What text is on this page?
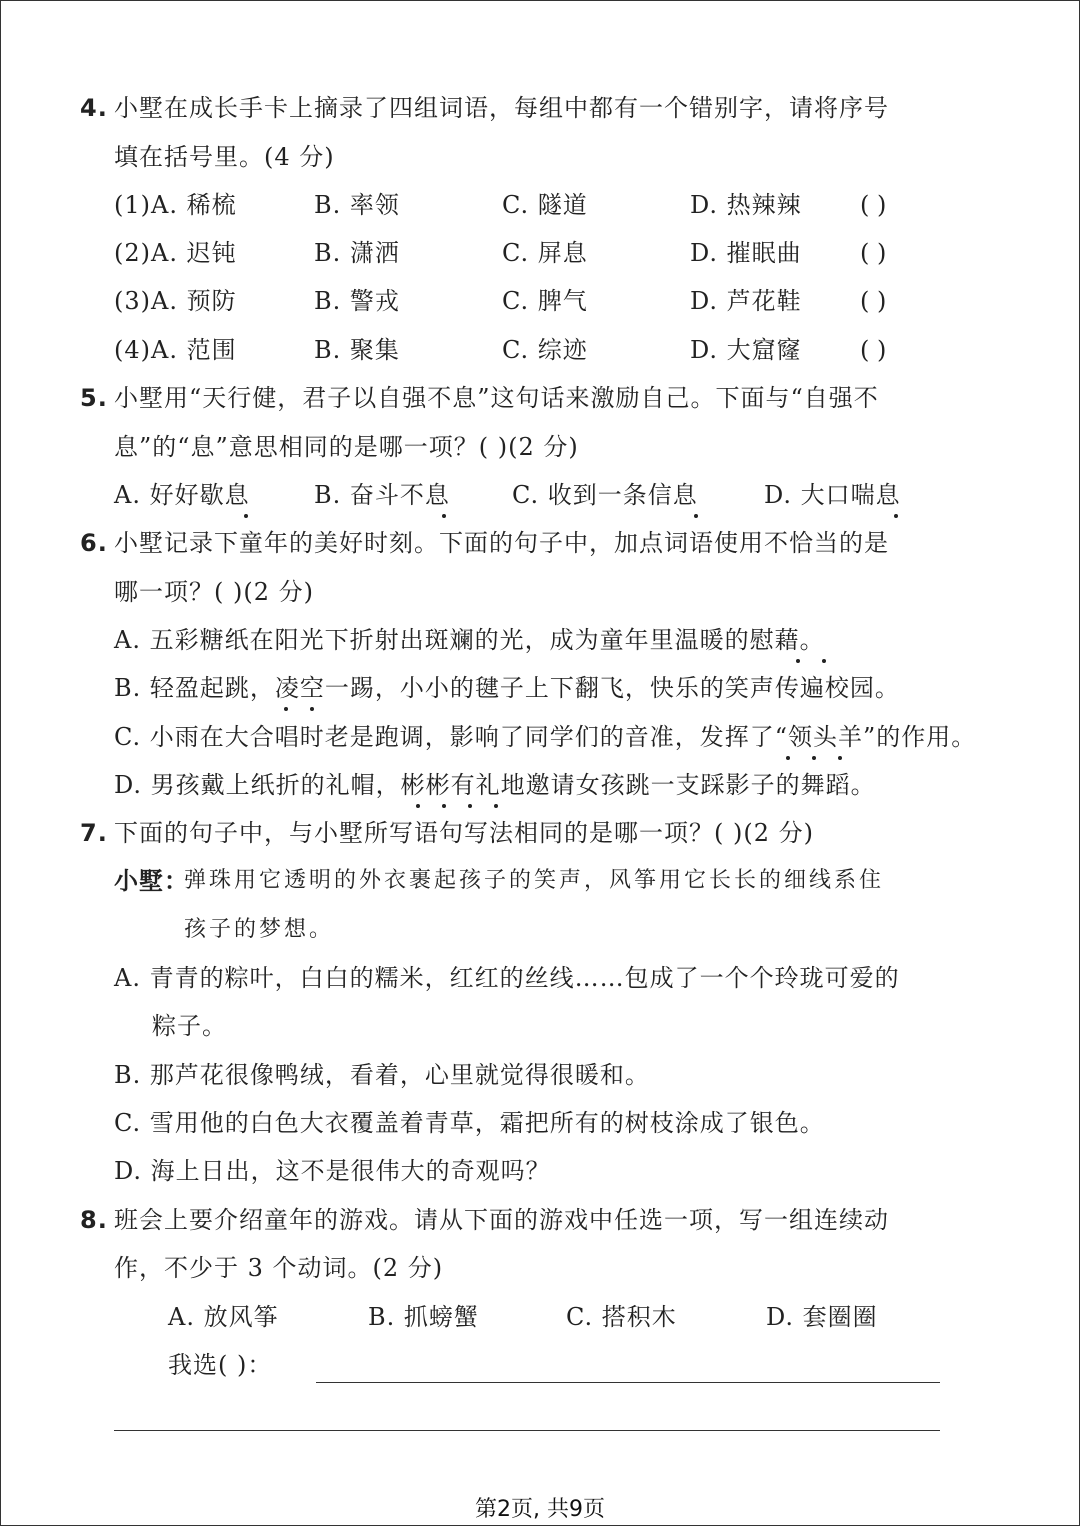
4. 小墅在成长手卡上摘录了四组词语，每组中都有一个错别字，请将序号
填在括号里。(4 分)
(1)A. 稀梳	B. 率领	C. 隧道	D. 热辣辣 ( )
(2)A. 迟钝	B. 潇洒	C. 屏息	D. 摧眠曲 ( )
(3)A. 预防	B. 警戎	C. 脾气	D. 芦花鞋 ( )
(4)A. 范围	B. 聚集	C. 综迹	D. 大窟窿 ( )
5. 小墅用“天行健，君子以自强不息”这句话来激励自己。下面与“自强不
息”的“息”意思相同的是哪一项？( )(2 分)
A. 好好歇息	B. 奋斗不息	C. 收到一条信息	D. 大口喘息
6. 小墅记录下童年的美好时刻。下面的句子中，加点词语使用不恰当的是
哪一项？( )(2 分)
A. 五彩糖纸在阳光下折射出斑斓的光，成为童年里温暖的慰藉。
B. 轻盈起跳，凌空一踢，小小的毽子上下翻飞，快乐的笑声传遍校园。
C. 小雨在大合唱时老是跑调，影响了同学们的音准，发挥了“领头羊”的作用。
D. 男孩戴上纸折的礼帽，彬彬有礼地邀请女孩跳一支踩影子的舞蹈。
7. 下面的句子中，与小墅所写语句写法相同的是哪一项？( )(2 分)
小墅：
弹珠用它透明的外衣裹起孩子的笑声，风筝用它长长的细线系住
孩子的梦想。
A. 青青的粽叶，白白的糯米，红红的丝线……包成了一个个玲珑可爱的
粽子。
B. 那芦花很像鸭绒，看着，心里就觉得很暖和。
C. 雪用他的白色大衣覆盖着青草，霜把所有的树枝涂成了银色。
D. 海上日出，这不是很伟大的奇观吗？
8. 班会上要介绍童年的游戏。请从下面的游戏中任选一项，写一组连续动
作，不少于 3 个动词。(2 分)
A. 放风筝	B. 抓螃蟹	C. 搭积木	D. 套圈圈
我选( )：
第2页, 共9页
